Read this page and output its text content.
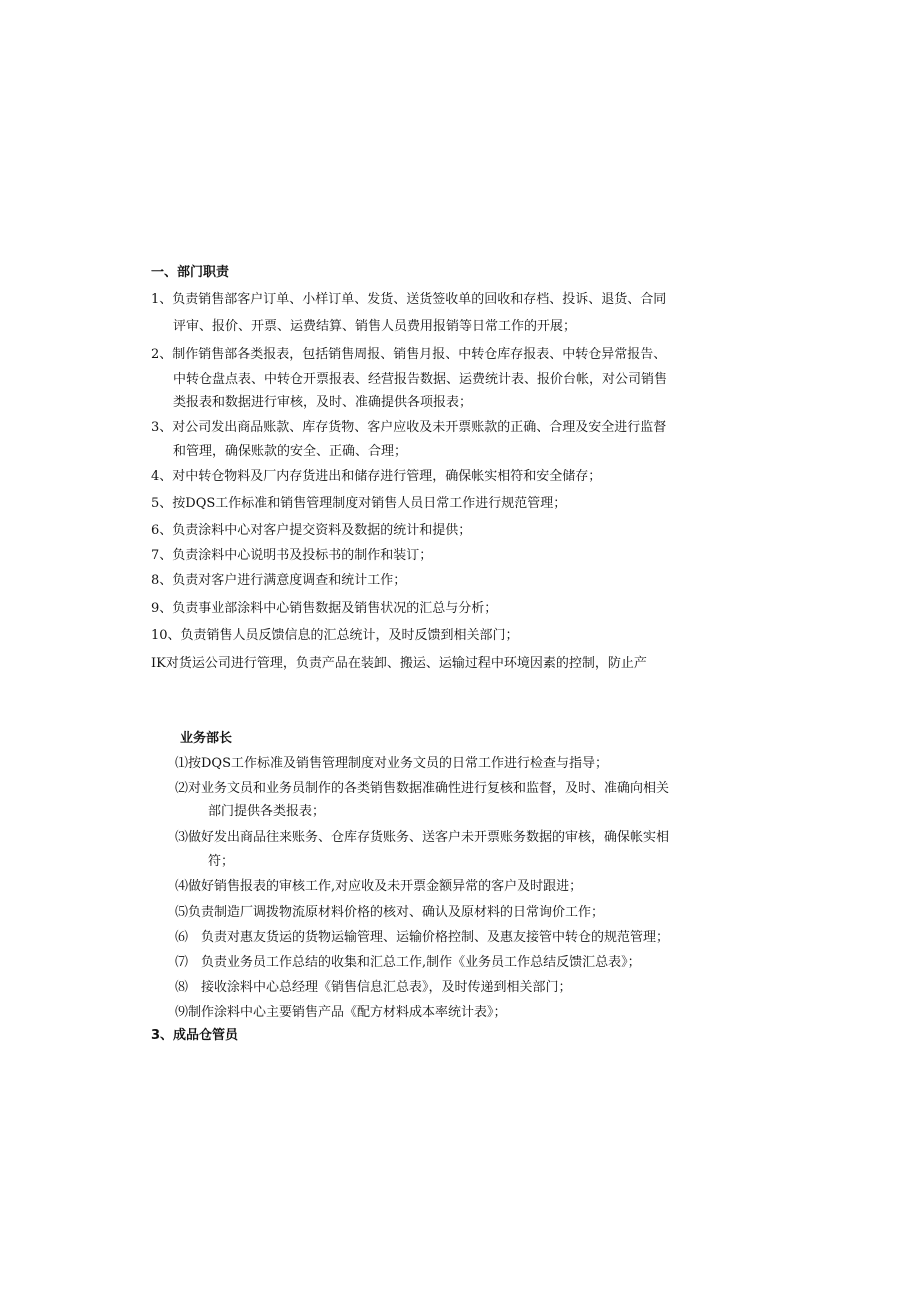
一、部门职责
1、负责销售部客户订单、小样订单、发货、送货签收单的回收和存档、投诉、退货、合同
评审、报价、开票、运费结算、销售人员费用报销等日常工作的开展；
2、制作销售部各类报表，包括销售周报、销售月报、中转仓库存报表、中转仓异常报告、
中转仓盘点表、中转仓开票报表、经营报告数据、运费统计表、报价台帐，对公司销售
类报表和数据进行审核，及时、准确提供各项报表；
3、对公司发出商品账款、库存货物、客户应收及未开票账款的正确、合理及安全进行监督
和管理，确保账款的安全、正确、合理；
4、对中转仓物料及厂内存货进出和储存进行管理，确保帐实相符和安全储存；
5、按DQS工作标准和销售管理制度对销售人员日常工作进行规范管理；
6、负责涂料中心对客户提交资料及数据的统计和提供；
7、负责涂料中心说明书及投标书的制作和装订；
8、负责对客户进行满意度调查和统计工作；
9、负责事业部涂料中心销售数据及销售状况的汇总与分析；
10、负责销售人员反馈信息的汇总统计，及时反馈到相关部门；
IK对货运公司进行管理，负责产品在装卸、搬运、运输过程中环境因素的控制，防止产
业务部长
⑴按DQS工作标准及销售管理制度对业务文员的日常工作进行检查与指导；
⑵对业务文员和业务员制作的各类销售数据准确性进行复核和监督，及时、准确向相关
部门提供各类报表；
⑶做好发出商品往来账务、仓库存货账务、送客户未开票账务数据的审核，确保帐实相
符；
⑷做好销售报表的审核工作,对应收及未开票金额异常的客户及时跟进；
⑸负责制造厂调拨物流原材料价格的核对、确认及原材料的日常询价工作；
⑹　负责对惠友货运的货物运输管理、运输价格控制、及惠友接管中转仓的规范管理；
⑺　负责业务员工作总结的收集和汇总工作,制作《业务员工作总结反馈汇总表》；
⑻　接收涂料中心总经理《销售信息汇总表》，及时传递到相关部门；
⑼制作涂料中心主要销售产品《配方材料成本率统计表》；
3、成品仓管员
